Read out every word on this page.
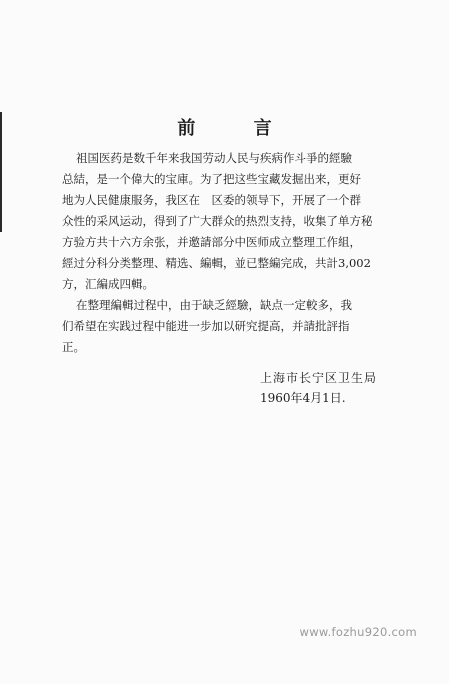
前 言
祖国医药是数千年来我国劳动人民与疾病作斗爭的經驗
总結，是一个偉大的宝庫。为了把这些宝藏发掘出来，更好
地为人民健康服务，我区在　区委的领导下，开展了一个群
众性的采风运动，得到了广大群众的热烈支持，收集了单方秘
方验方共十六方余张，并邀請部分中医师成立整理工作組，
經过分科分类整理、精选、編輯，並已整編完成，共計3,002
方，汇編成四輯。
在整理編輯过程中，由于缺乏經驗，缺点一定較多，我
们希望在实践过程中能进一步加以研究提高，并請批評指
正。
上海市长宁区卫生局
1960年4月1日.
www.fozhu920.com
